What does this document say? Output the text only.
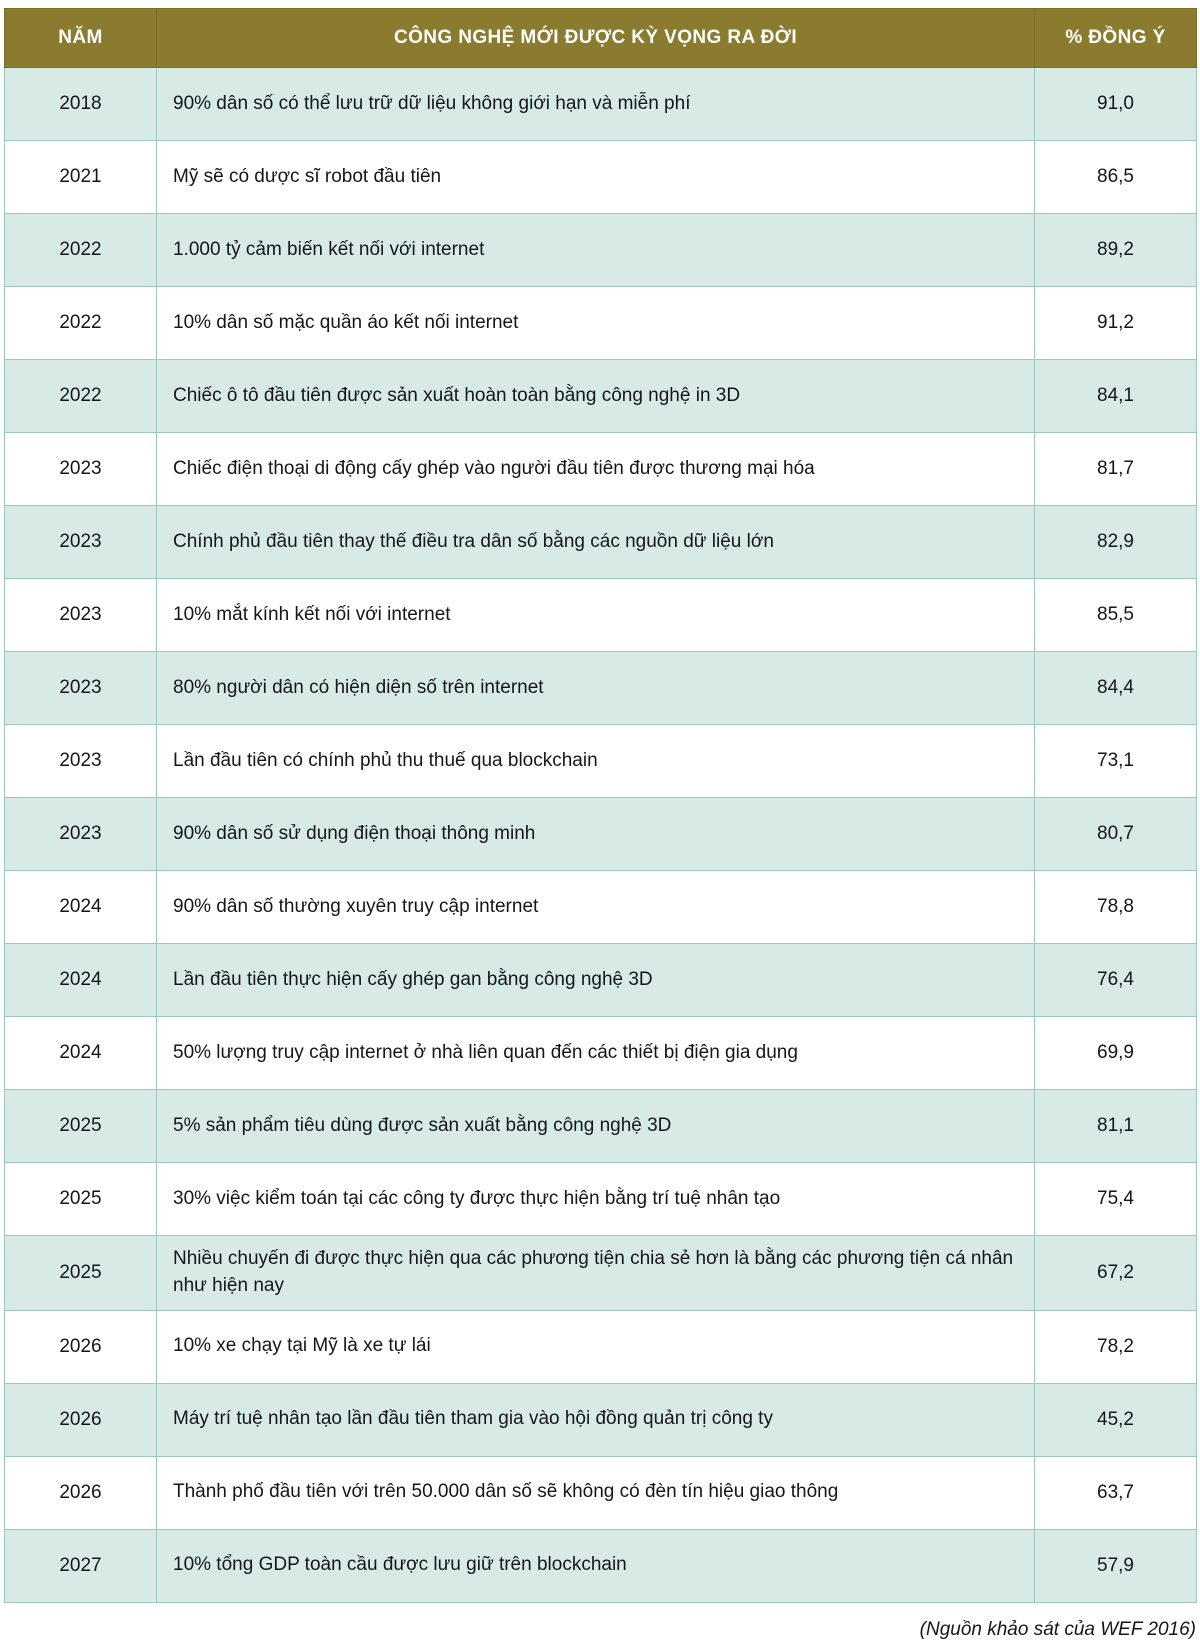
NĂM	CÔNG NGHỆ MỚI ĐƯỢC KỲ VỌNG RA ĐỜI	% ĐỒNG Ý
2018	90% dân số có thể lưu trữ dữ liệu không giới hạn và miễn phí	91,0
2021	Mỹ sẽ có dược sĩ robot đầu tiên	86,5
2022	1.000 tỷ cảm biến kết nối với internet	89,2
2022	10% dân số mặc quần áo kết nối internet	91,2
2022	Chiếc ô tô đầu tiên được sản xuất hoàn toàn bằng công nghệ in 3D	84,1
2023	Chiếc điện thoại di động cấy ghép vào người đầu tiên được thương mại hóa	81,7
2023	Chính phủ đầu tiên thay thế điều tra dân số bằng các nguồn dữ liệu lớn	82,9
2023	10% mắt kính kết nối với internet	85,5
2023	80% người dân có hiện diện số trên internet	84,4
2023	Lần đầu tiên có chính phủ thu thuế qua blockchain	73,1
2023	90% dân số sử dụng điện thoại thông minh	80,7
2024	90% dân số thường xuyên truy cập internet	78,8
2024	Lần đầu tiên thực hiện cấy ghép gan bằng công nghệ 3D	76,4
2024	50% lượng truy cập internet ở nhà liên quan đến các thiết bị điện gia dụng	69,9
2025	5% sản phẩm tiêu dùng được sản xuất bằng công nghệ 3D	81,1
2025	30% việc kiểm toán tại các công ty được thực hiện bằng trí tuệ nhân tạo	75,4
2025	Nhiều chuyến đi được thực hiện qua các phương tiện chia sẻ hơn là bằng các phương tiện cá nhân như hiện nay	67,2
2026	10% xe chạy tại Mỹ là xe tự lái	78,2
2026	Máy trí tuệ nhân tạo lần đầu tiên tham gia vào hội đồng quản trị công ty	45,2
2026	Thành phố đầu tiên với trên 50.000 dân số sẽ không có đèn tín hiệu giao thông	63,7
2027	10% tổng GDP toàn cầu được lưu giữ trên blockchain	57,9
(Nguồn khảo sát của WEF 2016)
